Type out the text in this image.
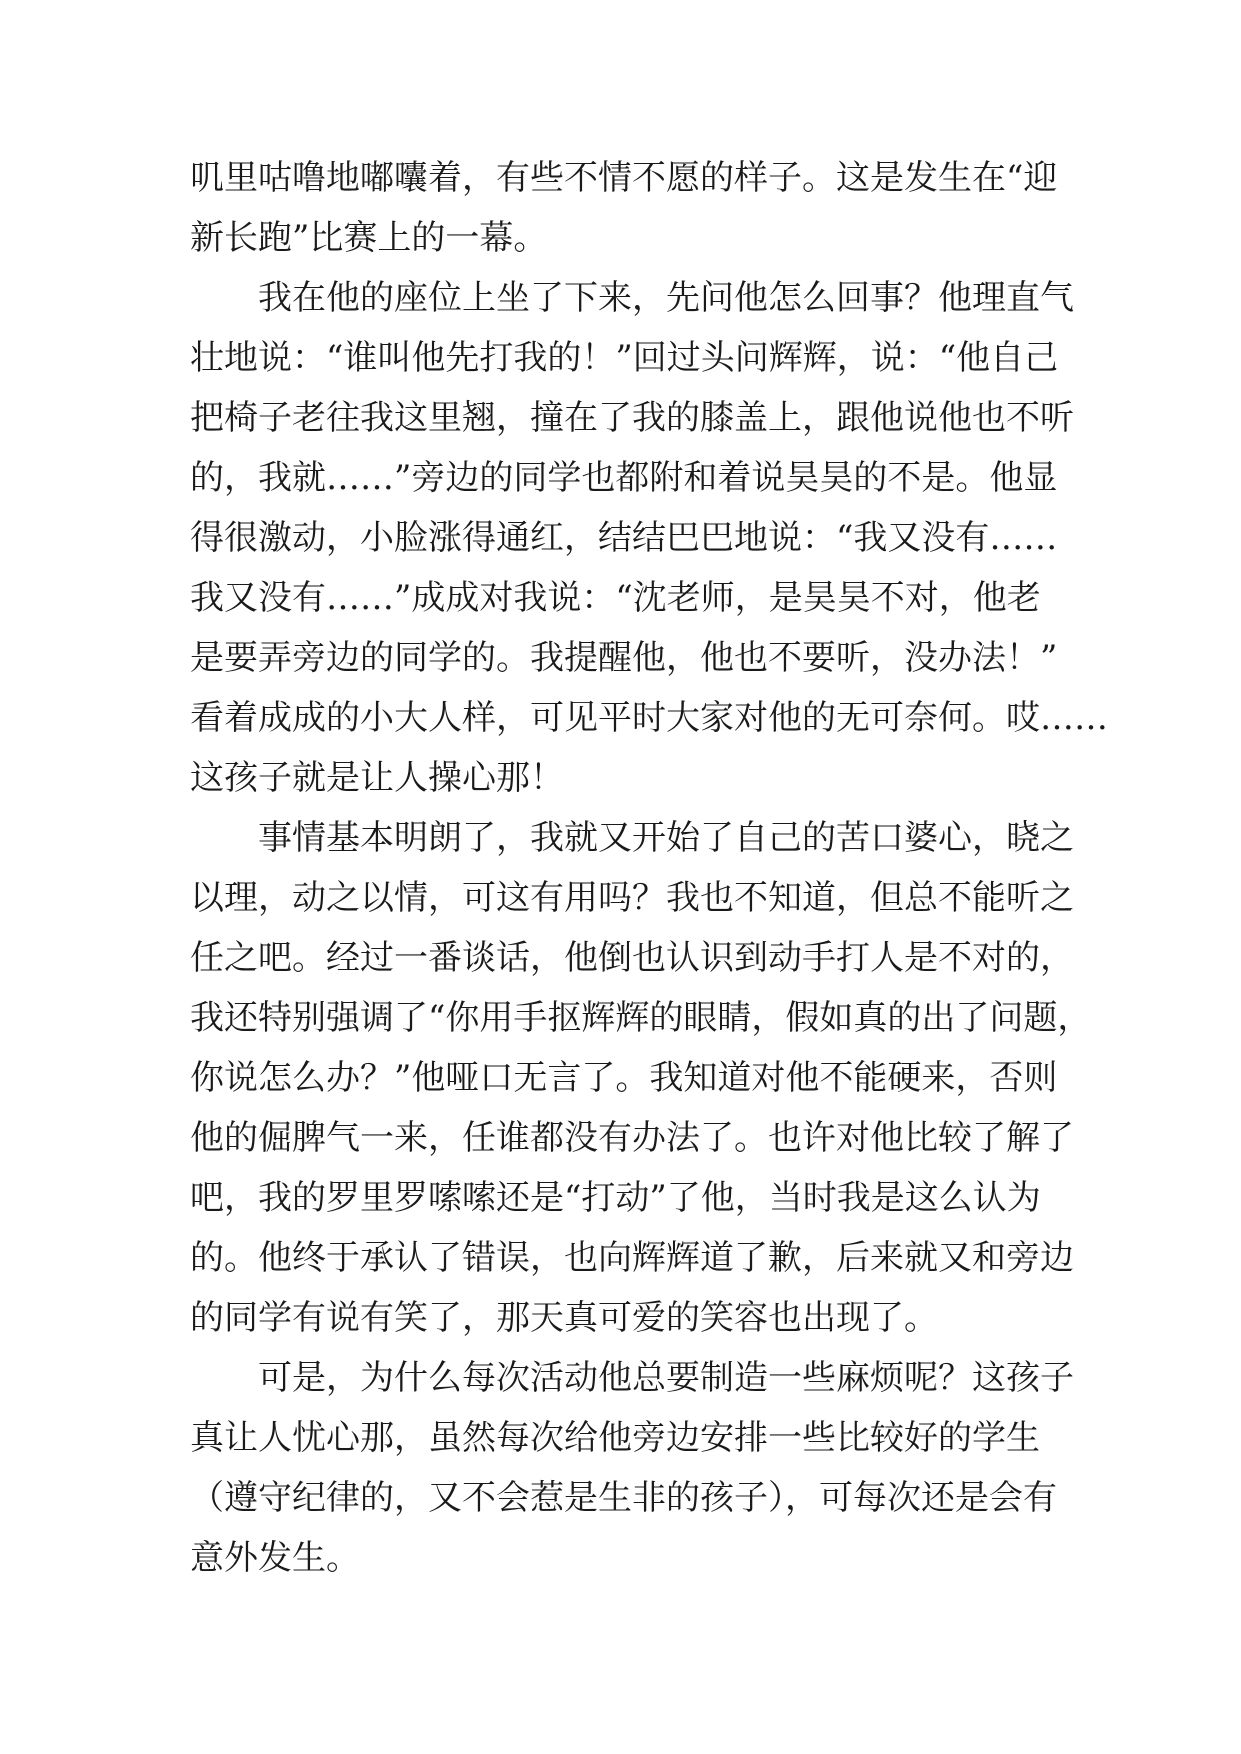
叽里咕噜地嘟囔着，有些不情不愿的样子。这是发生在“迎
新长跑”比赛上的一幕。
我在他的座位上坐了下来，先问他怎么回事？他理直气
壮地说：“谁叫他先打我的！”回过头问辉辉，说：“他自己
把椅子老往我这里翘，撞在了我的膝盖上，跟他说他也不听
的，我就……”旁边的同学也都附和着说昊昊的不是。他显
得很激动，小脸涨得通红，结结巴巴地说：“我又没有……
我又没有……”成成对我说：“沈老师，是昊昊不对，他老
是要弄旁边的同学的。我提醒他，他也不要听，没办法！”
看着成成的小大人样，可见平时大家对他的无可奈何。哎……
这孩子就是让人操心那！
事情基本明朗了，我就又开始了自己的苦口婆心，晓之
以理，动之以情，可这有用吗？我也不知道，但总不能听之
任之吧。经过一番谈话，他倒也认识到动手打人是不对的，
我还特别强调了“你用手抠辉辉的眼睛，假如真的出了问题，
你说怎么办？”他哑口无言了。我知道对他不能硬来，否则
他的倔脾气一来，任谁都没有办法了。也许对他比较了解了
吧，我的罗里罗嗦嗦还是“打动”了他，当时我是这么认为
的。他终于承认了错误，也向辉辉道了歉，后来就又和旁边
的同学有说有笑了，那天真可爱的笑容也出现了。
可是，为什么每次活动他总要制造一些麻烦呢？这孩子
真让人忧心那，虽然每次给他旁边安排一些比较好的学生
（遵守纪律的，又不会惹是生非的孩子），可每次还是会有
意外发生。
